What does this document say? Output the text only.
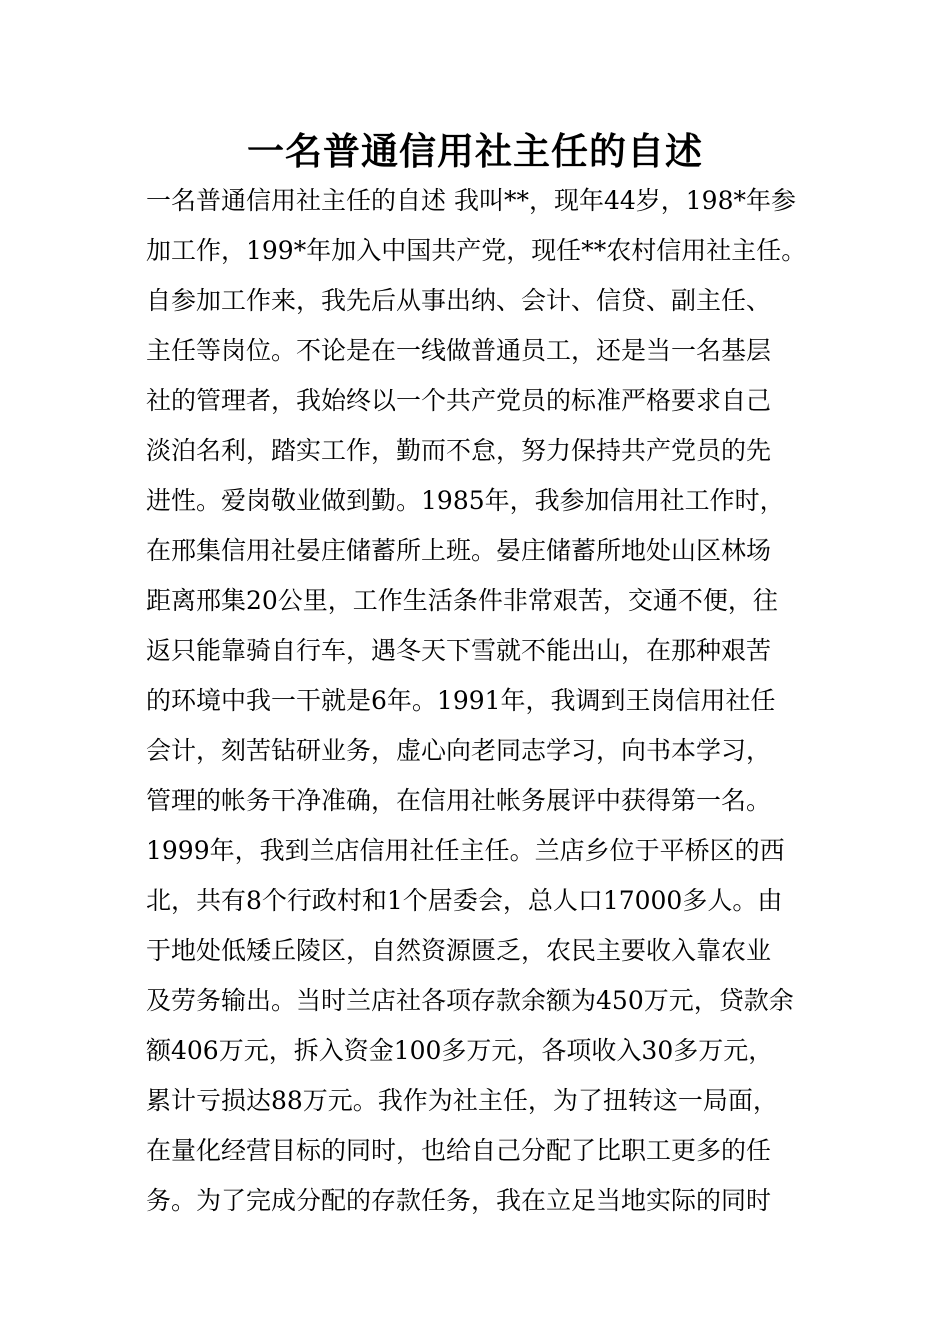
一名普通信用社主任的自述
一名普通信用社主任的自述 我叫**，现年44岁，198*年参
加工作，199*年加入中国共产党，现任**农村信用社主任。
自参加工作来，我先后从事出纳、会计、信贷、副主任、
主任等岗位。不论是在一线做普通员工，还是当一名基层
社的管理者，我始终以一个共产党员的标准严格要求自己
淡泊名利，踏实工作，勤而不怠，努力保持共产党员的先
进性。爱岗敬业做到勤。1985年，我参加信用社工作时，
在邢集信用社晏庄储蓄所上班。晏庄储蓄所地处山区林场
距离邢集20公里，工作生活条件非常艰苦，交通不便，往
返只能靠骑自行车，遇冬天下雪就不能出山，在那种艰苦
的环境中我一干就是6年。1991年，我调到王岗信用社任
会计，刻苦钻研业务，虚心向老同志学习，向书本学习，
管理的帐务干净准确，在信用社帐务展评中获得第一名。
1999年，我到兰店信用社任主任。兰店乡位于平桥区的西
北，共有8个行政村和1个居委会，总人口17000多人。由
于地处低矮丘陵区，自然资源匮乏，农民主要收入靠农业
及劳务输出。当时兰店社各项存款余额为450万元，贷款余
额406万元，拆入资金100多万元，各项收入30多万元，
累计亏损达88万元。我作为社主任，为了扭转这一局面，
在量化经营目标的同时，也给自己分配了比职工更多的任
务。为了完成分配的存款任务，我在立足当地实际的同时
